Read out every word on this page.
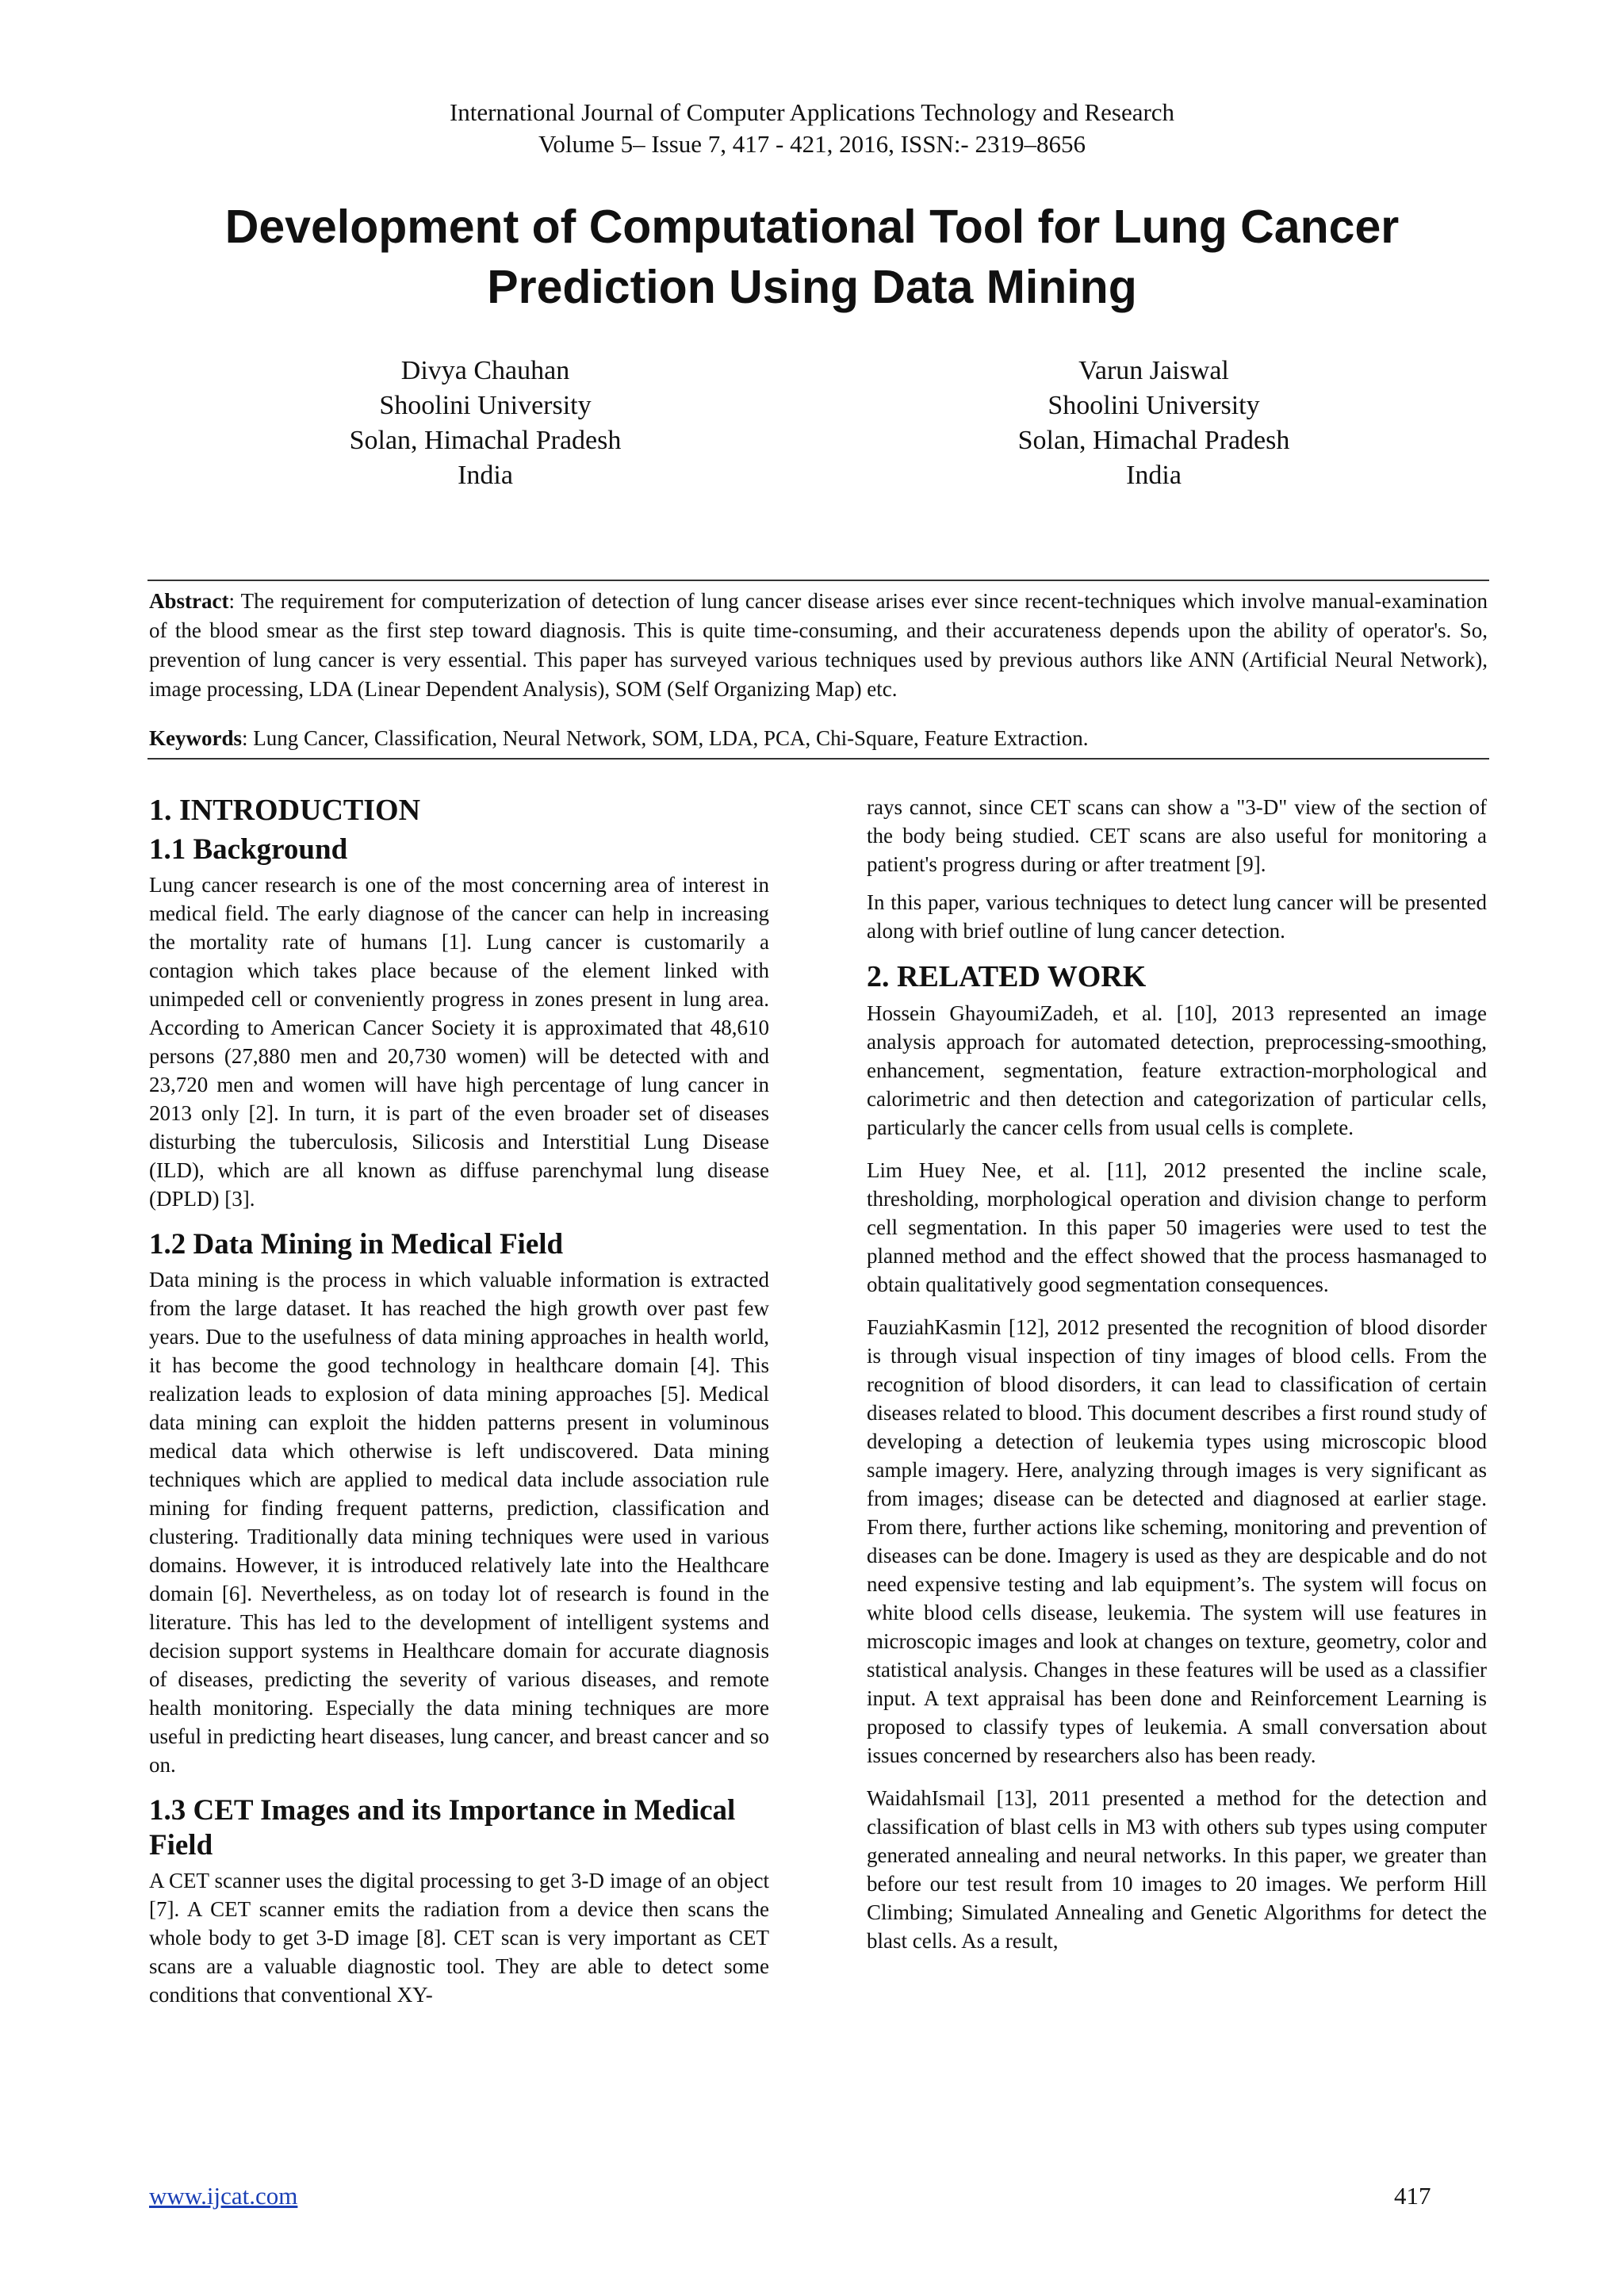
International Journal of Computer Applications Technology and Research
Volume 5– Issue 7, 417 - 421, 2016, ISSN:- 2319–8656
Development of Computational Tool for Lung Cancer Prediction Using Data Mining
Divya Chauhan
Shoolini University
Solan, Himachal Pradesh
India
Varun Jaiswal
Shoolini University
Solan, Himachal Pradesh
India
Abstract: The requirement for computerization of detection of lung cancer disease arises ever since recent-techniques which involve manual-examination of the blood smear as the first step toward diagnosis. This is quite time-consuming, and their accurateness depends upon the ability of operator's. So, prevention of lung cancer is very essential. This paper has surveyed various techniques used by previous authors like ANN (Artificial Neural Network), image processing, LDA (Linear Dependent Analysis), SOM (Self Organizing Map) etc.
Keywords: Lung Cancer, Classification, Neural Network, SOM, LDA, PCA, Chi-Square, Feature Extraction.
1. INTRODUCTION
1.1 Background

Lung cancer research is one of the most concerning area of interest in medical field. The early diagnose of the cancer can help in increasing the mortality rate of humans [1]. Lung cancer is customarily a contagion which takes place because of the element linked with unimpeded cell or conveniently progress in zones present in lung area. According to American Cancer Society it is approximated that 48,610 persons (27,880 men and 20,730 women) will be detected with and 23,720 men and women will have high percentage of lung cancer in 2013 only [2]. In turn, it is part of the even broader set of diseases disturbing the tuberculosis, Silicosis and Interstitial Lung Disease (ILD), which are all known as diffuse parenchymal lung disease (DPLD) [3].

1.2 Data Mining in Medical Field

Data mining is the process in which valuable information is extracted from the large dataset. It has reached the high growth over past few years. Due to the usefulness of data mining approaches in health world, it has become the good technology in healthcare domain [4]. This realization leads to explosion of data mining approaches [5]. Medical data mining can exploit the hidden patterns present in voluminous medical data which otherwise is left undiscovered. Data mining techniques which are applied to medical data include association rule mining for finding frequent patterns, prediction, classification and clustering. Traditionally data mining techniques were used in various domains. However, it is introduced relatively late into the Healthcare domain [6]. Nevertheless, as on today lot of research is found in the literature. This has led to the development of intelligent systems and decision support systems in Healthcare domain for accurate diagnosis of diseases, predicting the severity of various diseases, and remote health monitoring. Especially the data mining techniques are more useful in predicting heart diseases, lung cancer, and breast cancer and so on.

1.3 CET Images and its Importance in Medical Field

A CET scanner uses the digital processing to get 3-D image of an object [7]. A CET scanner emits the radiation from a device then scans the whole body to get 3-D image [8]. CET scan is very important as CET scans are a valuable diagnostic tool. They are able to detect some conditions that conventional XY-

rays cannot, since CET scans can show a "3-D" view of the section of the body being studied. CET scans are also useful for monitoring a patient's progress during or after treatment [9].

In this paper, various techniques to detect lung cancer will be presented along with brief outline of lung cancer detection.

2. RELATED WORK

Hossein GhayoumiZadeh, et al. [10], 2013 represented an image analysis approach for automated detection, preprocessing-smoothing, enhancement, segmentation, feature extraction-morphological and calorimetric and then detection and categorization of particular cells, particularly the cancer cells from usual cells is complete.

Lim Huey Nee, et al. [11], 2012 presented the incline scale, thresholding, morphological operation and division change to perform cell segmentation. In this paper 50 imageries were used to test the planned method and the effect showed that the process hasmanaged to obtain qualitatively good segmentation consequences.

FauziahKasmin [12], 2012 presented the recognition of blood disorder is through visual inspection of tiny images of blood cells. From the recognition of blood disorders, it can lead to classification of certain diseases related to blood. This document describes a first round study of developing a detection of leukemia types using microscopic blood sample imagery. Here, analyzing through images is very significant as from images; disease can be detected and diagnosed at earlier stage. From there, further actions like scheming, monitoring and prevention of diseases can be done. Imagery is used as they are despicable and do not need expensive testing and lab equipment’s. The system will focus on white blood cells disease, leukemia. The system will use features in microscopic images and look at changes on texture, geometry, color and statistical analysis. Changes in these features will be used as a classifier input. A text appraisal has been done and Reinforcement Learning is proposed to classify types of leukemia. A small conversation about issues concerned by researchers also has been ready.

WaidahIsmail [13], 2011 presented a method for the detection and classification of blast cells in M3 with others sub types using computer generated annealing and neural networks. In this paper, we greater than before our test result from 10 images to 20 images. We perform Hill Climbing; Simulated Annealing and Genetic Algorithms for detect the blast cells. As a result,

www.ijcat.com	417
